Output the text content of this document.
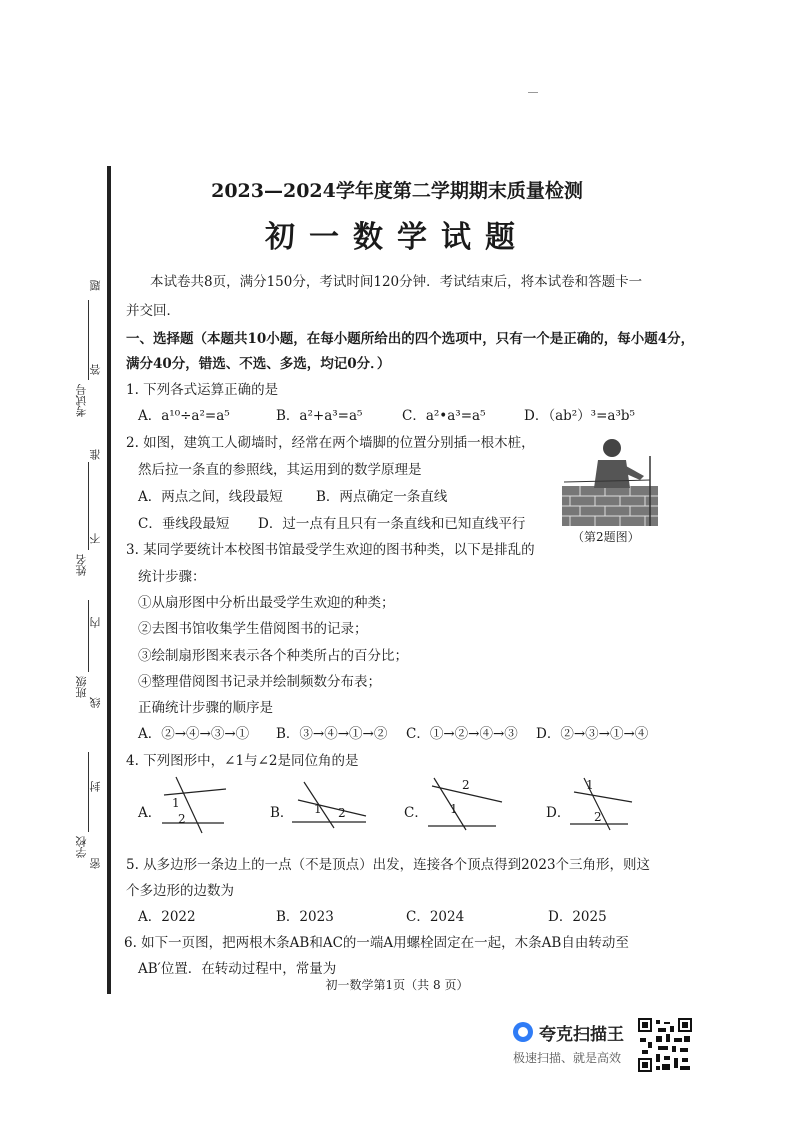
题
答
准
不
内
线
封
密
考试号
姓名
班级
学校
2023—2024学年度第二学期期末质量检测
初一数学试题
本试卷共8页，满分150分，考试时间120分钟．考试结束后，将本试卷和答题卡一
并交回．
一、选择题（本题共10小题，在每小题所给出的四个选项中，只有一个是正确的，每小题4分，
满分40分，错选、不选、多选，均记0分．）
1. 下列各式运算正确的是
A．a¹⁰÷a²=a⁵	B．a²+a³=a⁵	C．a²•a³=a⁵	D．（ab²）³=a³b⁵
2. 如图，建筑工人砌墙时，经常在两个墙脚的位置分别插一根木桩，
然后拉一条直的参照线，其运用到的数学原理是
A．两点之间，线段最短 B．两点确定一条直线
C．垂线段最短 D．过一点有且只有一条直线和已知直线平行
（第2题图）
3. 某同学要统计本校图书馆最受学生欢迎的图书种类，以下是排乱的
统计步骤：
①从扇形图中分析出最受学生欢迎的种类；
②去图书馆收集学生借阅图书的记录；
③绘制扇形图来表示各个种类所占的百分比；
④整理借阅图书记录并绘制频数分布表；
正确统计步骤的顺序是
A．②→④→③→① B．③→④→①→② C．①→②→④→③ D．②→③→①→④
4. 下列图形中，∠1与∠2是同位角的是
A．
1
2	B． 1 2	C．
2
1	D．
1
2
5. 从多边形一条边上的一点（不是顶点）出发，连接各个顶点得到2023个三角形，则这
个多边形的边数为
A．2022	B．2023	C．2024	D．2025
6. 如下一页图，把两根木条AB和AC的一端A用螺栓固定在一起，木条AB自由转动至
AB′位置．在转动过程中，常量为
初一数学第1页（共 8 页）
夸克扫描王
极速扫描、就是高效
